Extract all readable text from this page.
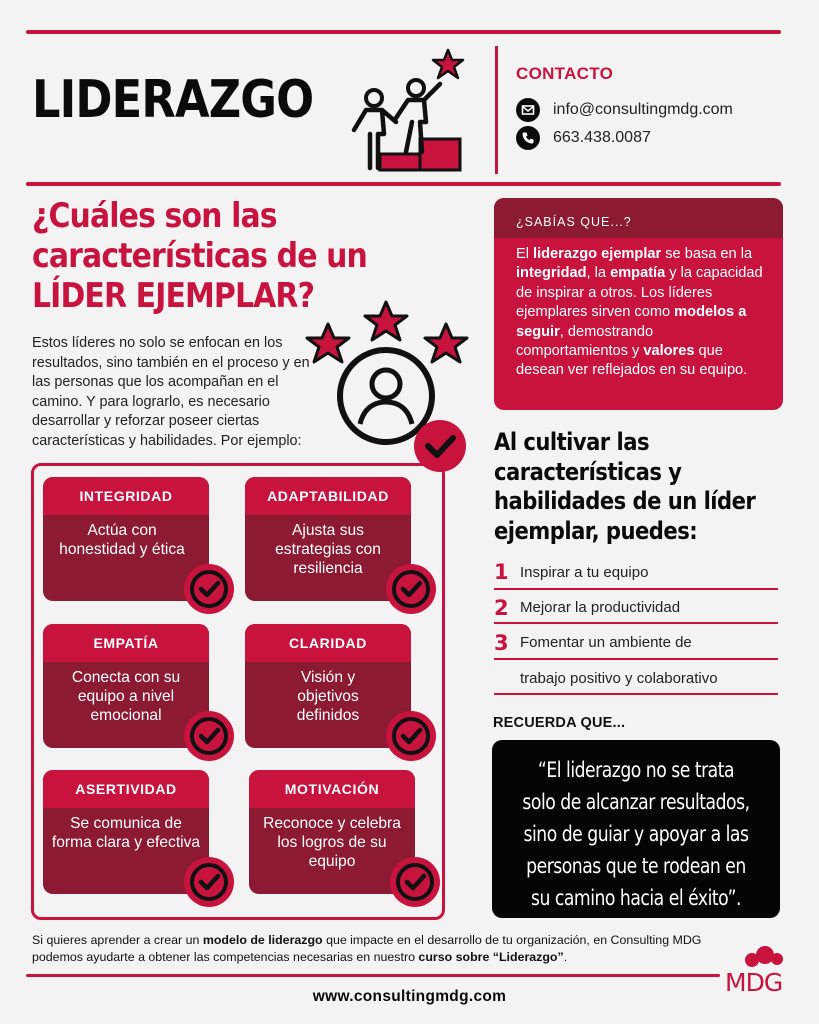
LIDERAZGO	CONTACTO
info@consultingmdg.com
663.438.0087
¿Cuáles son las
características de un
LÍDER EJEMPLAR?
Estos líderes no solo se enfocan en los resultados, sino también en el proceso y en las personas que los acompañan en el camino. Y para lograrlo, es necesario desarrollar y reforzar poseer ciertas características y habilidades. Por ejemplo:
INTEGRIDAD
Actúa con honestidad y ética
ADAPTABILIDAD
Ajusta sus estrategias con resiliencia
EMPATÍA
Conecta con su equipo a nivel emocional
CLARIDAD
Visión y objetivos definidos
ASERTIVIDAD
Se comunica de forma clara y efectiva
MOTIVACIÓN
Reconoce y celebra los logros de su equipo
¿SABÍAS QUE...?
El liderazgo ejemplar se basa en la integridad, la empatía y la capacidad de inspirar a otros. Los líderes ejemplares sirven como modelos a seguir, demostrando comportamientos y valores que desean ver reflejados en su equipo.
Al cultivar las
características y
habilidades de un líder
ejemplar, puedes:
1 Inspirar a tu equipo
2 Mejorar la productividad
3 Fomentar un ambiente de
trabajo positivo y colaborativo
RECUERDA QUE...
“El liderazgo no se trata
solo de alcanzar resultados,
sino de guiar y apoyar a las
personas que te rodean en
su camino hacia el éxito”.
Si quieres aprender a crear un modelo de liderazgo que impacte en el desarrollo de tu organización, en Consulting MDG podemos ayudarte a obtener las competencias necesarias en nuestro curso sobre “Liderazgo”.
MDG
www.consultingmdg.com
